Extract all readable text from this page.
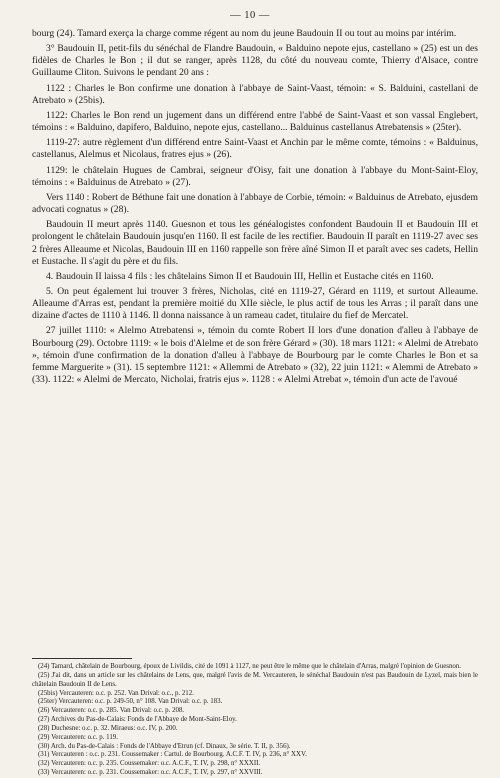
— 10 —

bourg (24). Tamard exerça la charge comme régent au nom du jeune Baudouin II ou tout au moins par intérim.

3° Baudouin II, petit-fils du sénéchal de Flandre Baudouin, « Balduino nepote ejus, castellano » (25) est un des fidèles de Charles le Bon ; il dut se ranger, après 1128, du côté du nouveau comte, Thierry d'Alsace, contre Guillaume Cliton. Suivons le pendant 20 ans :

1122 : Charles le Bon confirme une donation à l'abbaye de Saint-Vaast, témoin: « S. Balduini, castellani de Atrebato » (25bis).

1122: Charles le Bon rend un jugement dans un différend entre l'abbé de Saint-Vaast et son vassal Englebert, témoins : « Balduino, dapifero, Balduino, nepote ejus, castellano... Balduinus castellanus Atrebatensis » (25ter).

1119-27: autre règlement d'un différend entre Saint-Vaast et Anchin par le même comte, témoins : « Balduinus, castellanus, Alelmus et Nicolaus, fratres ejus » (26).

1129: le châtelain Hugues de Cambrai, seigneur d'Oisy, fait une donation à l'abbaye du Mont-Saint-Eloy, témoins : « Balduinus de Atrebato » (27).

Vers 1140 : Robert de Béthune fait une donation à l'abbaye de Corbie, témoin: « Balduinus de Atrebato, ejusdem advocati cognatus » (28).

Baudouin II meurt après 1140. Guesnon et tous les généalogistes confondent Baudouin II et Baudouin III et prolongent le châtelain Baudouin jusqu'en 1160. Il est facile de les rectifier. Baudouin II paraît en 1119-27 avec ses 2 frères Alleaume et Nicolas, Baudouin III en 1160 rappelle son frère aîné Simon II et paraît avec ses cadets, Hellin et Eustache. Il s'agit du père et du fils.

4. Baudouin II laissa 4 fils : les châtelains Simon II et Baudouin III, Hellin et Eustache cités en 1160.

5. On peut également lui trouver 3 frères, Nicholas, cité en 1119-27, Gérard en 1119, et surtout Alleaume. Alleaume d'Arras est, pendant la première moitié du XIIe siècle, le plus actif de tous les Arras ; il paraît dans une dizaine d'actes de 1110 à 1146. Il donna naissance à un rameau cadet, titulaire du fief de Mercatel.

27 juillet 1110: « Alelmo Atrebatensi », témoin du comte Robert II lors d'une donation d'alleu à l'abbaye de Bourbourg (29). Octobre 1119: « le bois d'Alelme et de son frère Gérard » (30). 18 mars 1121: « Alelmi de Atrebato », témoin d'une confirmation de la donation d'alleu à l'abbaye de Bourbourg par le comte Charles le Bon et sa femme Marguerite » (31). 15 septembre 1121: « Allemmi de Atrebato » (32), 22 juin 1121: « Alemmi de Atrebato » (33). 1122: « Alelmi de Mercato, Nicholai, fratris ejus ». 1128 : « Alelmi Atrebat », témoin d'un acte de l'avoué

(24) Tamard, châtelain de Bourbourg, époux de Livildis, cité de 1091 à 1127, ne peut être le même que le châtelain d'Arras, malgré l'opinion de Guesnon.

(25) J'ai dit, dans un article sur les châtelains de Lens, que, malgré l'avis de M. Vercauteren, le sénéchal Baudouin n'est pas Baudouin de Lyzel, mais bien le châtelain Baudouin II de Lens.

(25bis) Vercauteren: o.c. p. 252. Van Drival: o.c., p. 212.

(25ter) Vercauteren: o.c. p. 249-50, n° 108. Van Drival: o.c. p. 183.

(26) Vercauteren: o.c. p. 285. Van Drival: o.c. p. 208.

(27) Archives du Pas-de-Calais: Fonds de l'Abbaye de Mont-Saint-Eloy.

(28) Duchesne: o.c. p. 32. Miraeus: o.c. IV, p. 200.

(29) Vercauteren: o.c. p. 119.

(30) Arch. du Pas-de-Calais : Fonds de l'Abbaye d'Etrun (cf. Dinaux, 3e série. T. II, p. 356).

(31) Vercauteren : o.c. p. 231. Coussemaker : Cartul. de Bourbourg. A.C.F. T. IV, p. 236, n° XXV.

(32) Vercauteren: o.c. p. 235. Coussemaker: o.c. A.C.F., T. IV, p. 298, n° XXXII.

(33) Vercauteren: o.c. p. 231. Coussemaker: o.c. A.C.F., T. IV, p. 297, n° XXVIII.
